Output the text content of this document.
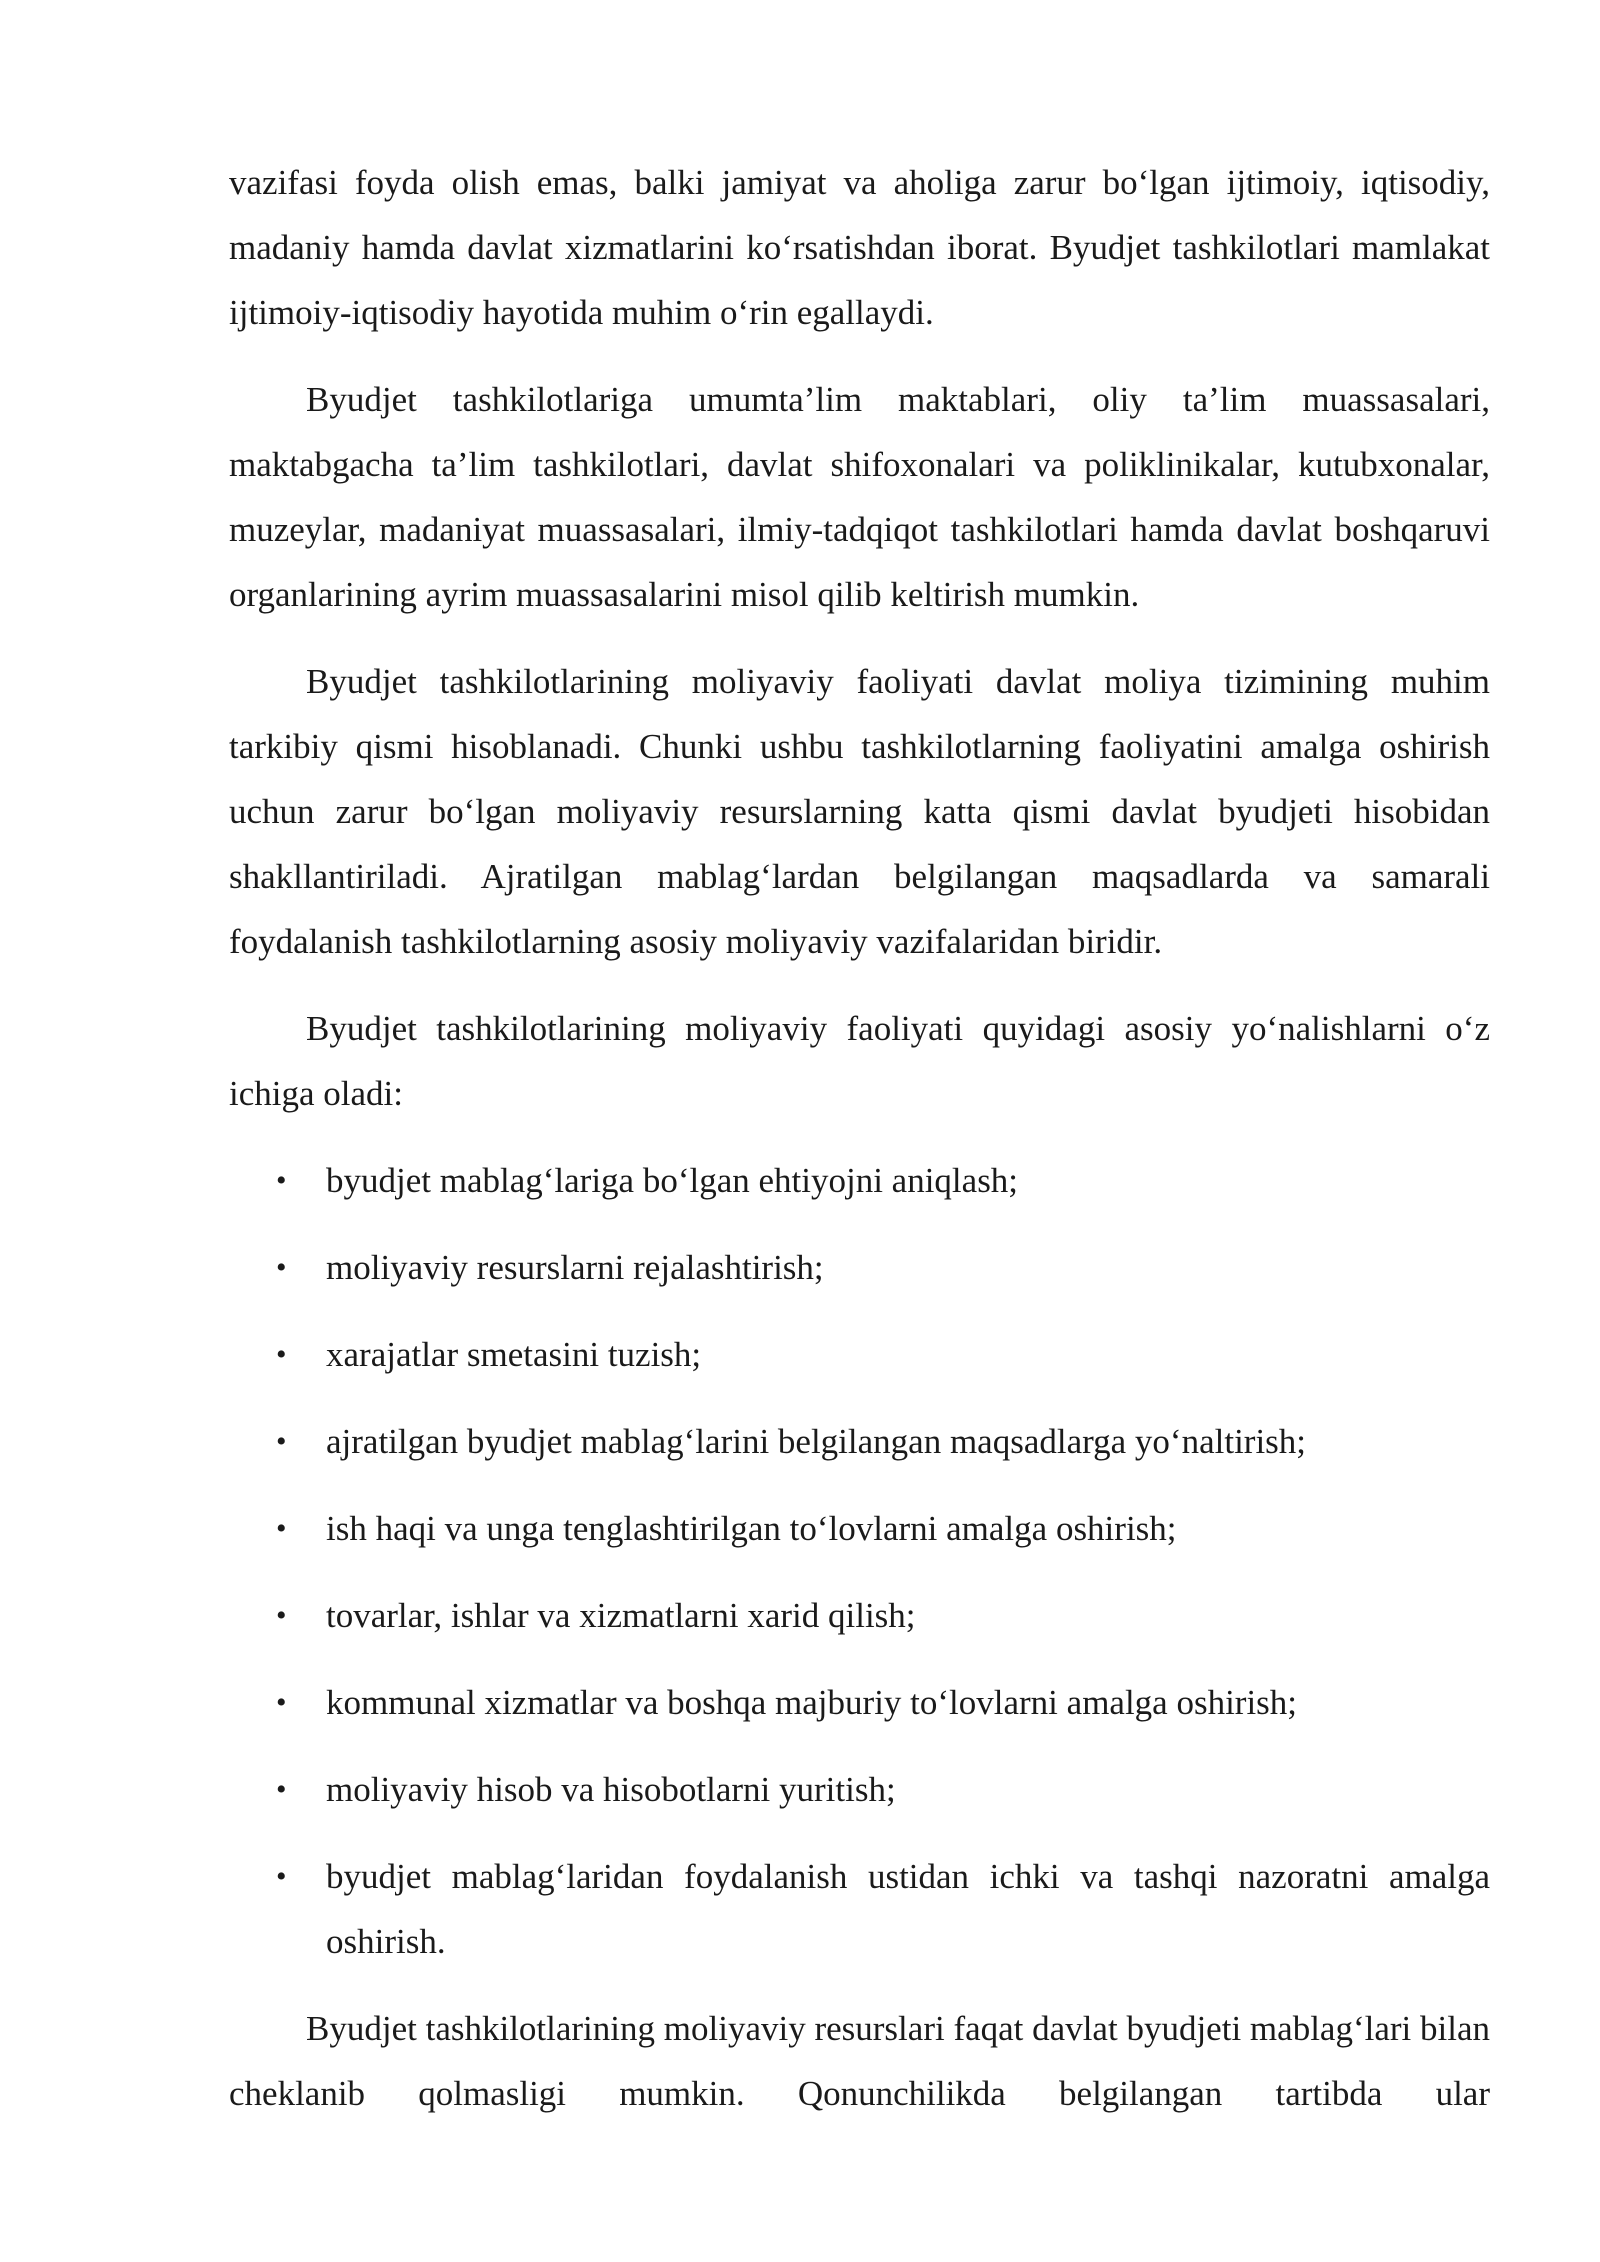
vazifasi foyda olish emas, balki jamiyat va aholiga zarur bo‘lgan ijtimoiy, iqtisodiy, madaniy hamda davlat xizmatlarini ko‘rsatishdan iborat. Byudjet tashkilotlari mamlakat ijtimoiy-iqtisodiy hayotida muhim o‘rin egallaydi.

Byudjet tashkilotlariga umumta’lim maktablari, oliy ta’lim muassasalari, maktabgacha ta’lim tashkilotlari, davlat shifoxonalari va poliklinikalar, kutubxonalar, muzeylar, madaniyat muassasalari, ilmiy-tadqiqot tashkilotlari hamda davlat boshqaruvi organlarining ayrim muassasalarini misol qilib keltirish mumkin.

Byudjet tashkilotlarining moliyaviy faoliyati davlat moliya tizimining muhim tarkibiy qismi hisoblanadi. Chunki ushbu tashkilotlarning faoliyatini amalga oshirish uchun zarur bo‘lgan moliyaviy resurslarning katta qismi davlat byudjeti hisobidan shakllantiriladi. Ajratilgan mablag‘lardan belgilangan maqsadlarda va samarali foydalanish tashkilotlarning asosiy moliyaviy vazifalaridan biridir.

Byudjet tashkilotlarining moliyaviy faoliyati quyidagi asosiy yo‘nalishlarni o‘z ichiga oladi:

• byudjet mablag‘lariga bo‘lgan ehtiyojni aniqlash;
• moliyaviy resurslarni rejalashtirish;
• xarajatlar smetasini tuzish;
• ajratilgan byudjet mablag‘larini belgilangan maqsadlarga yo‘naltirish;
• ish haqi va unga tenglashtirilgan to‘lovlarni amalga oshirish;
• tovarlar, ishlar va xizmatlarni xarid qilish;
• kommunal xizmatlar va boshqa majburiy to‘lovlarni amalga oshirish;
• moliyaviy hisob va hisobotlarni yuritish;
• byudjet mablag‘laridan foydalanish ustidan ichki va tashqi nazoratni amalga oshirish.

Byudjet tashkilotlarining moliyaviy resurslari faqat davlat byudjeti mablag‘lari bilan cheklanib qolmasligi mumkin. Qonunchilikda belgilangan tartibda ular
